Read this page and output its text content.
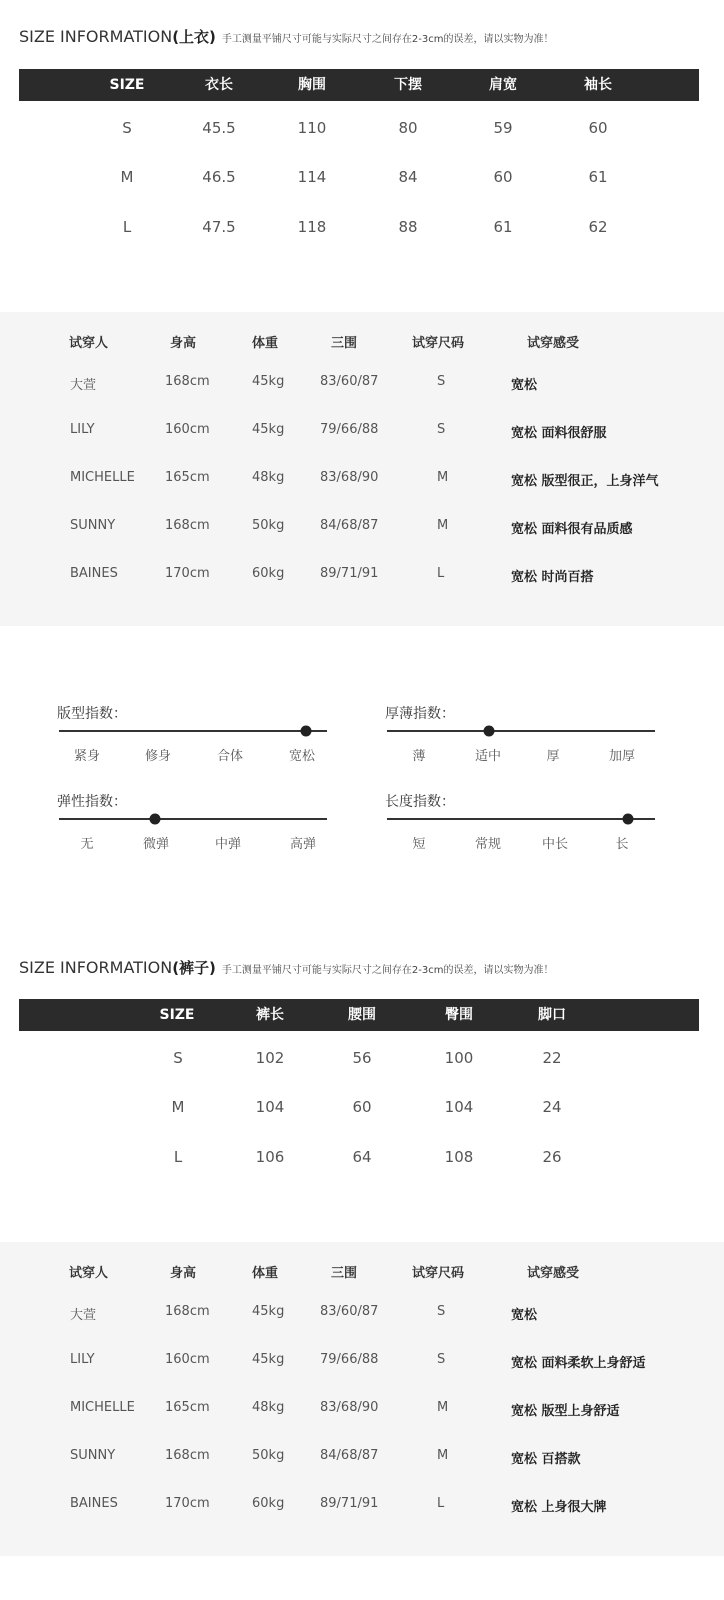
SIZE INFORMATION(上衣) 手工测量平铺尺寸可能与实际尺寸之间存在2-3cm的误差，请以实物为准！
SIZE	衣长	胸围	下摆	肩宽	袖长
S	45.5	110	80	59	60
M	46.5	114	84	60	61
L	47.5	118	88	61	62
试穿人	身高	体重	三围	试穿尺码	试穿感受
大萱	168cm	45kg	83/60/87	S	宽松
LILY	160cm	45kg	79/66/88	S	宽松 面料很舒服
MICHELLE 165cm	48kg	83/68/90	M	宽松 版型很正，上身洋气
SUNNY	168cm	50kg	84/68/87	M	宽松 面料很有品质感
BAINES	170cm	60kg	89/71/91	L	宽松 时尚百搭
版型指数：
紧身	修身	合体	宽松
厚薄指数：
薄	适中	厚	加厚
弹性指数：
无	微弹	中弹	高弹
长度指数：
短	常规	中长	长
SIZE INFORMATION(裤子) 手工测量平铺尺寸可能与实际尺寸之间存在2-3cm的误差，请以实物为准！
SIZE	裤长	腰围	臀围	脚口
S	102	56	100	22
M	104	60	104	24
L	106	64	108	26
试穿人	身高	体重	三围	试穿尺码	试穿感受
大萱	168cm	45kg	83/60/87	S	宽松
LILY	160cm	45kg	79/66/88	S	宽松 面料柔软上身舒适
MICHELLE 165cm	48kg	83/68/90	M	宽松 版型上身舒适
SUNNY	168cm	50kg	84/68/87	M	宽松 百搭款
BAINES	170cm	60kg	89/71/91	L	宽松 上身很大牌
